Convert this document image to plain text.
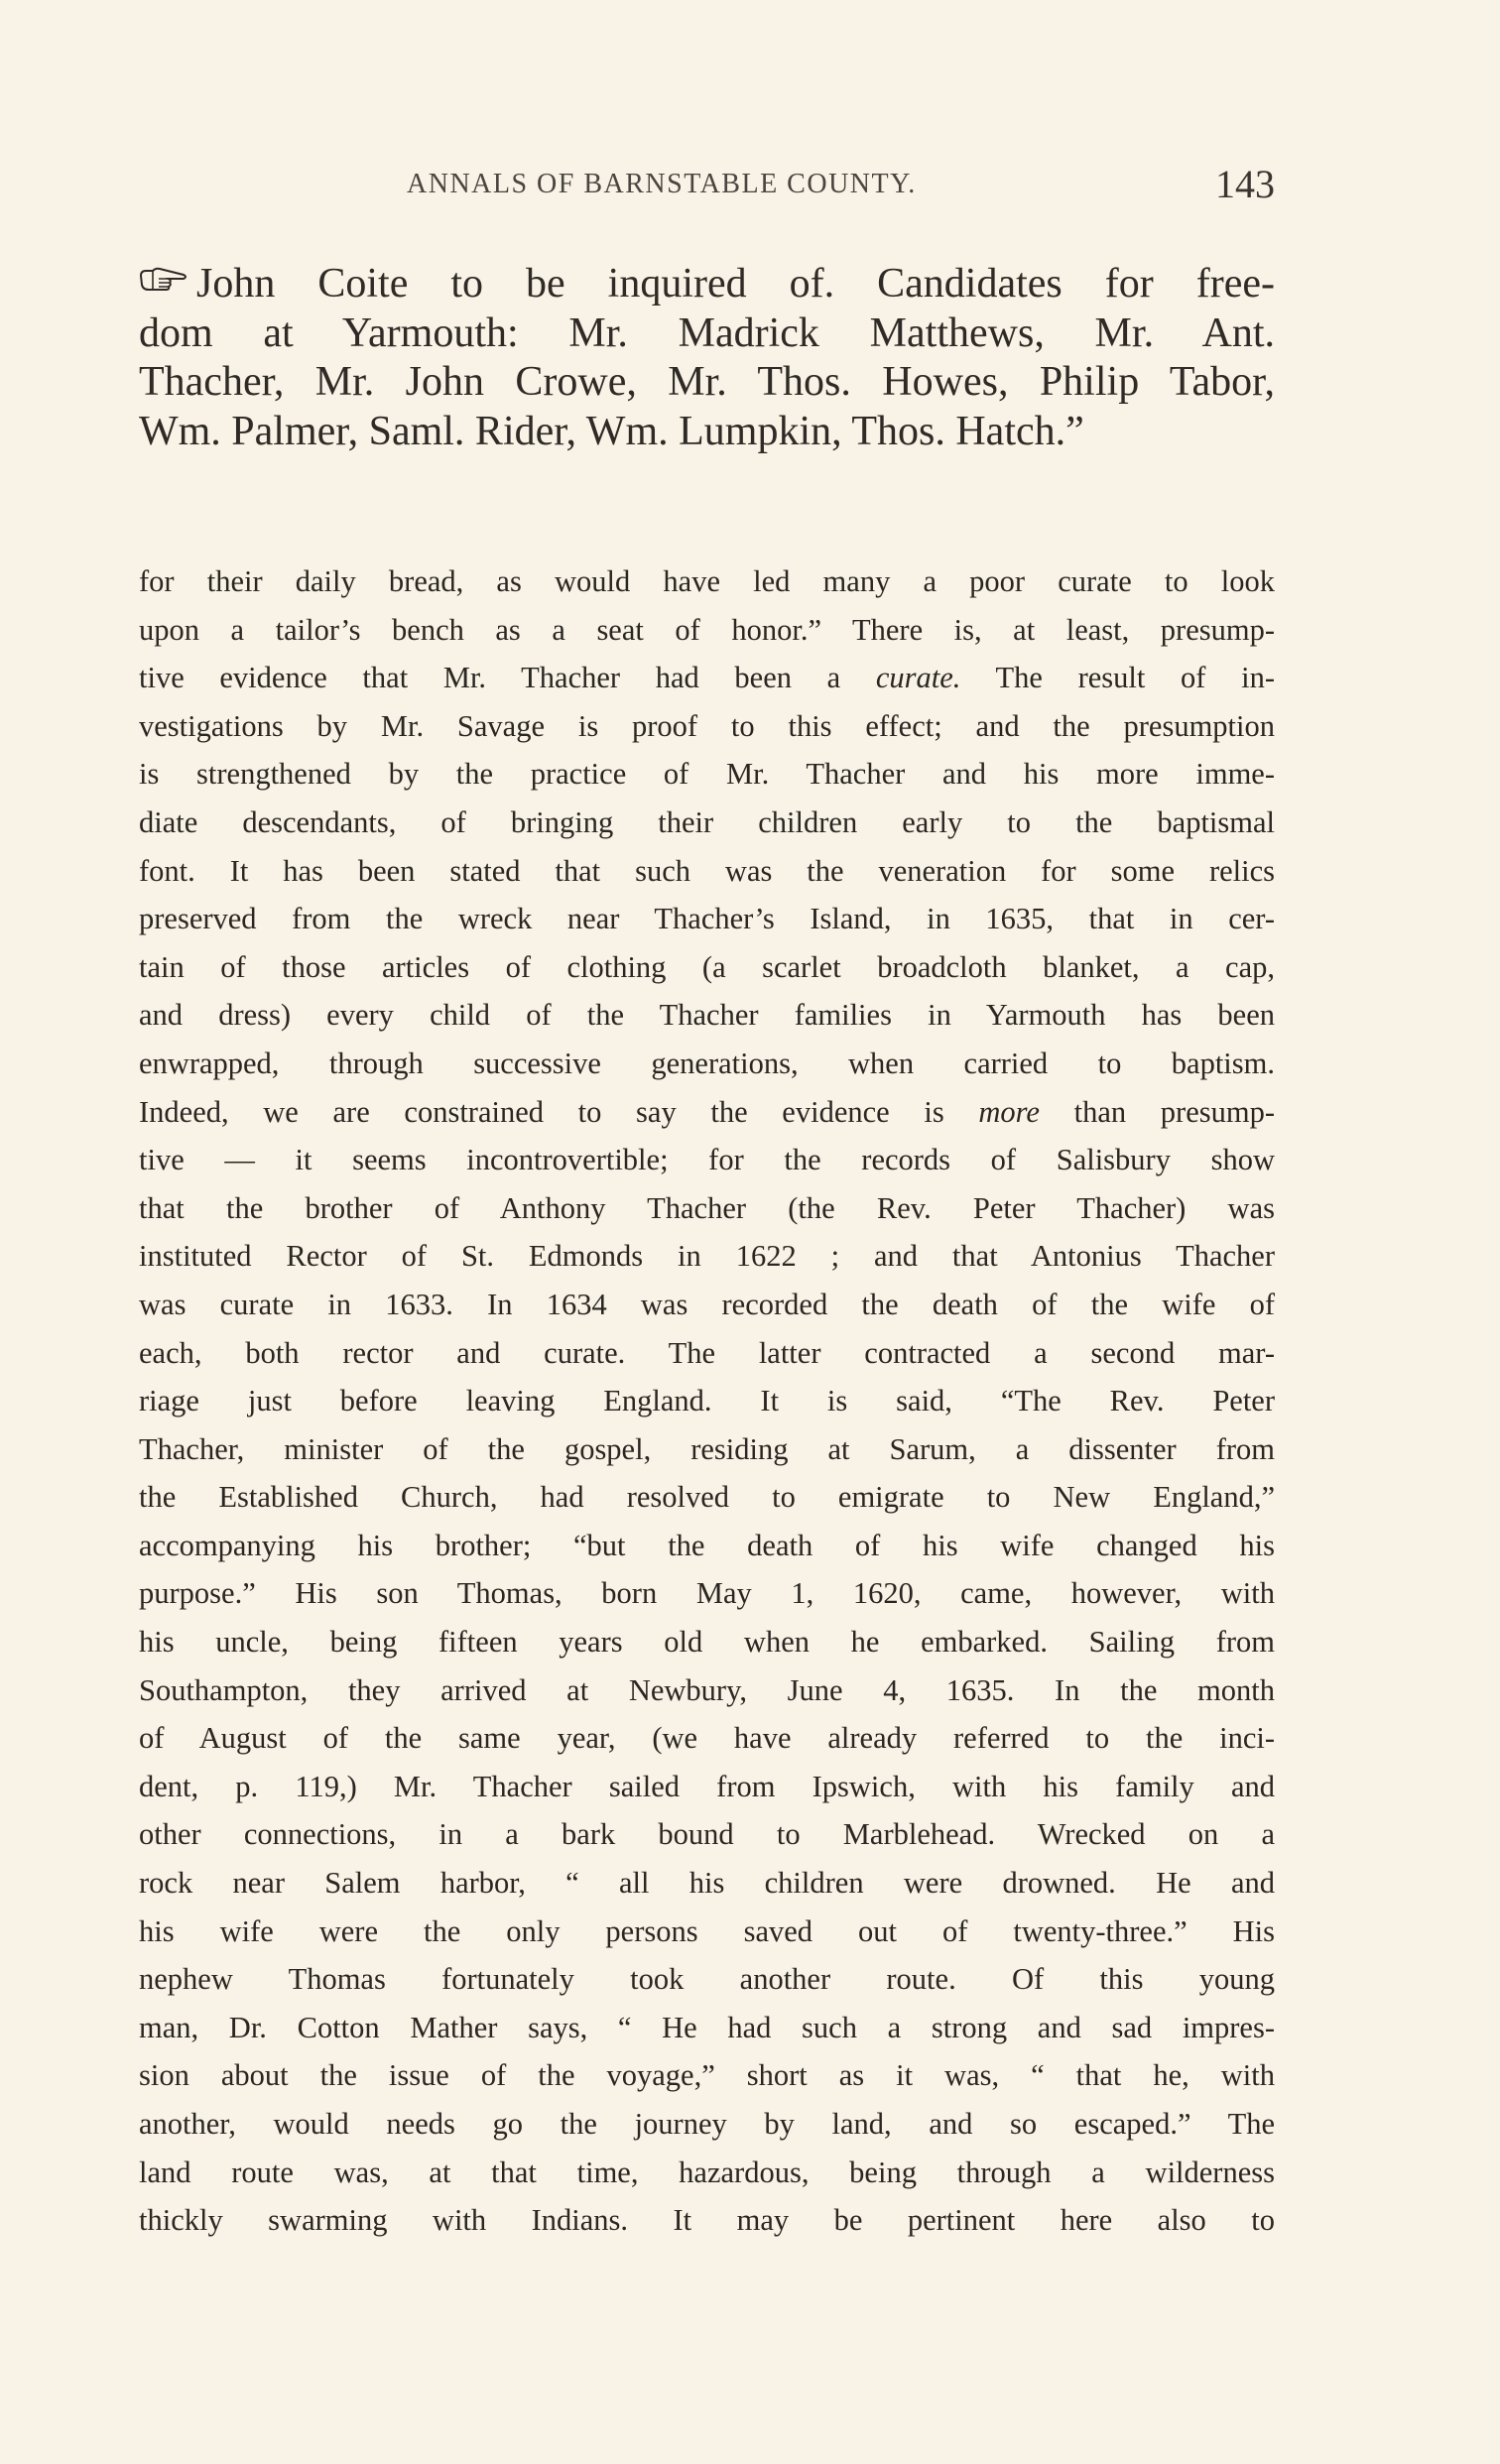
ANNALS OF BARNSTABLE COUNTY.	143
John Coite to be inquired of. Candidates for free-
dom at Yarmouth: Mr. Madrick Matthews, Mr. Ant.
Thacher, Mr. John Crowe, Mr. Thos. Howes, Philip Tabor,
Wm. Palmer, Saml. Rider, Wm. Lumpkin, Thos. Hatch.”
for their daily bread, as would have led many a poor curate to look
upon a tailor’s bench as a seat of honor.” There is, at least, presump-
tive evidence that Mr. Thacher had been a curate. The result of in-
vestigations by Mr. Savage is proof to this effect; and the presumption
is strengthened by the practice of Mr. Thacher and his more imme-
diate descendants, of bringing their children early to the baptismal
font. It has been stated that such was the veneration for some relics
preserved from the wreck near Thacher’s Island, in 1635, that in cer-
tain of those articles of clothing (a scarlet broadcloth blanket, a cap,
and dress) every child of the Thacher families in Yarmouth has been
enwrapped, through successive generations, when carried to baptism.
Indeed, we are constrained to say the evidence is more than presump-
tive — it seems incontrovertible; for the records of Salisbury show
that the brother of Anthony Thacher (the Rev. Peter Thacher) was
instituted Rector of St. Edmonds in 1622 ; and that Antonius Thacher
was curate in 1633. In 1634 was recorded the death of the wife of
each, both rector and curate. The latter contracted a second mar-
riage just before leaving England. It is said, “The Rev. Peter
Thacher, minister of the gospel, residing at Sarum, a dissenter from
the Established Church, had resolved to emigrate to New England,”
accompanying his brother; “but the death of his wife changed his
purpose.” His son Thomas, born May 1, 1620, came, however, with
his uncle, being fifteen years old when he embarked. Sailing from
Southampton, they arrived at Newbury, June 4, 1635. In the month
of August of the same year, (we have already referred to the inci-
dent, p. 119,) Mr. Thacher sailed from Ipswich, with his family and
other connections, in a bark bound to Marblehead. Wrecked on a
rock near Salem harbor, “ all his children were drowned. He and
his wife were the only persons saved out of twenty-three.” His
nephew Thomas fortunately took another route. Of this young
man, Dr. Cotton Mather says, “ He had such a strong and sad impres-
sion about the issue of the voyage,” short as it was, “ that he, with
another, would needs go the journey by land, and so escaped.” The
land route was, at that time, hazardous, being through a wilderness
thickly swarming with Indians. It may be pertinent here also to
